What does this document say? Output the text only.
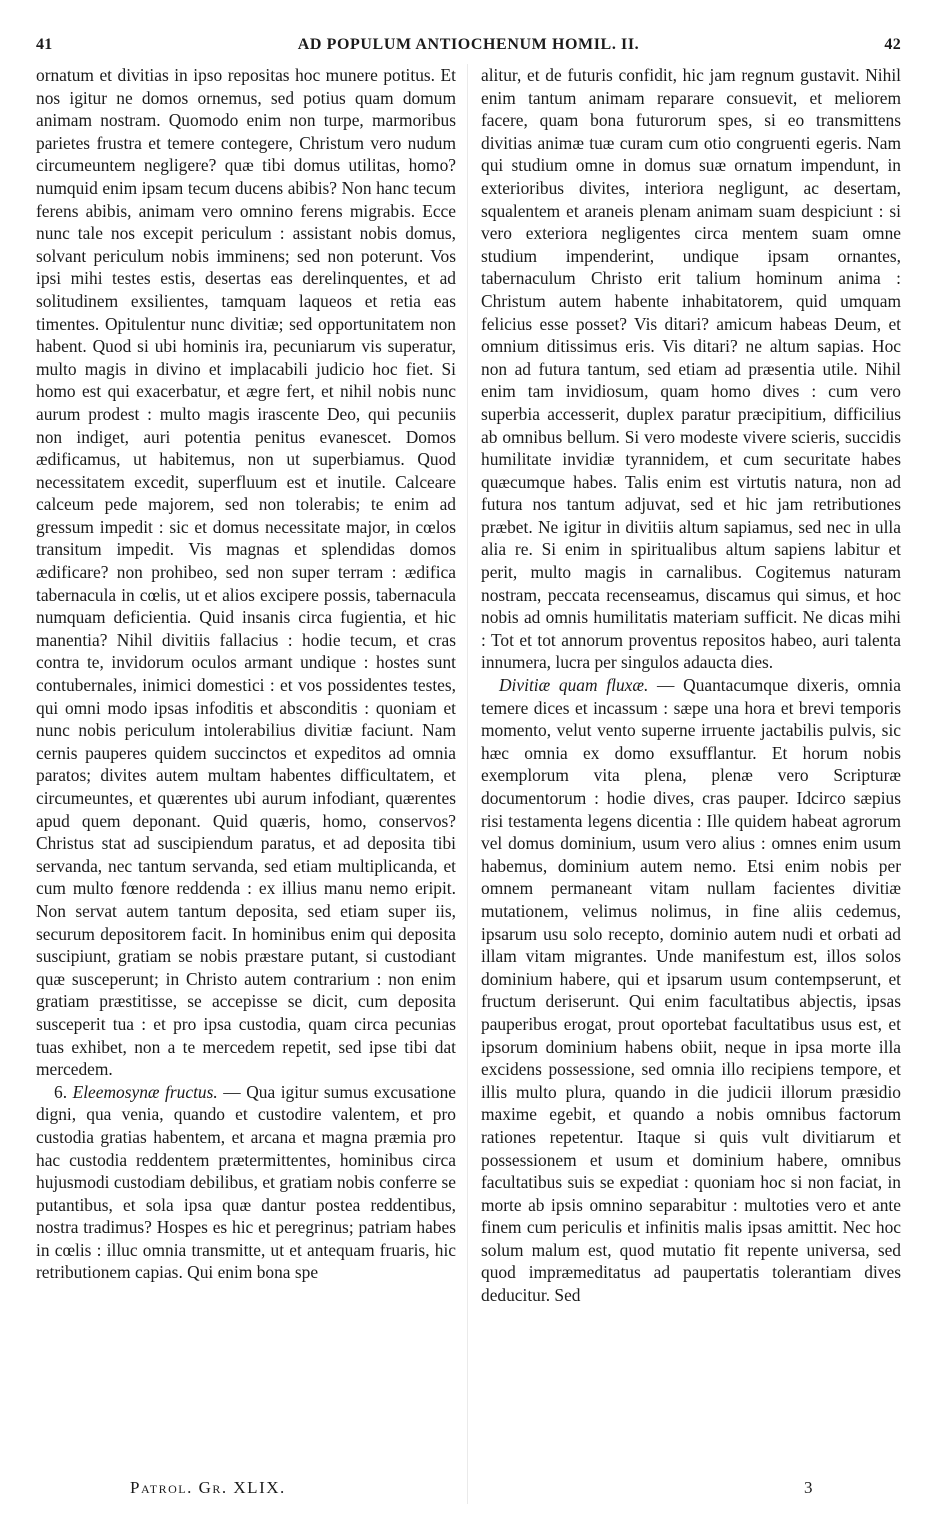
41	AD POPULUM ANTIOCHENUM HOMIL. II.	42

ornatum et divitias in ipso repositas hoc munere potitus. Et nos igitur ne domos ornemus, sed potius quam domum animam nostram. Quomodo enim non turpe, marmoribus parietes frustra et temere contegere, Christum vero nudum circumeuntem negligere? quæ tibi domus utilitas, homo? numquid enim ipsam tecum ducens abibis? Non hanc tecum ferens abibis, animam vero omnino ferens migrabis. Ecce nunc tale nos excepit periculum : assistant nobis domus, solvant periculum nobis imminens; sed non poterunt. Vos ipsi mihi testes estis, desertas eas derelinquentes, et ad solitudinem exsilientes, tamquam laqueos et retia eas timentes. Opitulentur nunc divitiæ; sed opportunitatem non habent. Quod si ubi hominis ira, pecuniarum vis superatur, multo magis in divino et implacabili judicio hoc fiet. Si homo est qui exacerbatur, et ægre fert, et nihil nobis nunc aurum prodest : multo magis irascente Deo, qui pecuniis non indiget, auri potentia penitus evanescet. Domos ædificamus, ut habitemus, non ut superbiamus. Quod necessitatem excedit, superfluum est et inutile. Calceare calceum pede majorem, sed non tolerabis; te enim ad gressum impedit : sic et domus necessitate major, in cœlos transitum impedit. Vis magnas et splendidas domos ædificare? non prohibeo, sed non super terram : ædifica tabernacula in cœlis, ut et alios excipere possis, tabernacula numquam deficientia. Quid insanis circa fugientia, et hic manentia? Nihil divitiis fallacius : hodie tecum, et cras contra te, invidorum oculos armant undique : hostes sunt contubernales, inimici domestici : et vos possidentes testes, qui omni modo ipsas infoditis et absconditis : quoniam et nunc nobis periculum intolerabilius divitiæ faciunt. Nam cernis pauperes quidem succinctos et expeditos ad omnia paratos; divites autem multam habentes difficultatem, et circumeuntes, et quærentes ubi aurum infodiant, quærentes apud quem deponant. Quid quæris, homo, conservos? Christus stat ad suscipiendum paratus, et ad deposita tibi servanda, nec tantum servanda, sed etiam multiplicanda, et cum multo fœnore reddenda : ex illius manu nemo eripit. Non servat autem tantum deposita, sed etiam super iis, securum depositorem facit. In hominibus enim qui deposita suscipiunt, gratiam se nobis præstare putant, si custodiant quæ susceperunt; in Christo autem contrarium : non enim gratiam præstitisse, se accepisse se dicit, cum deposita susceperit tua : et pro ipsa custodia, quam circa pecunias tuas exhibet, non a te mercedem repetit, sed ipse tibi dat mercedem.

6. Eleemosynæ fructus. — Qua igitur sumus excusatione digni, qua venia, quando et custodire valentem, et pro custodia gratias habentem, et arcana et magna præmia pro hac custodia reddentem prætermittentes, hominibus circa hujusmodi custodiam debilibus, et gratiam nobis conferre se putantibus, et sola ipsa quæ dantur postea reddentibus, nostra tradimus? Hospes es hic et peregrinus; patriam habes in cœlis : illuc omnia transmitte, ut et antequam fruaris, hic retributionem capias. Qui enim bona spe

alitur, et de futuris confidit, hic jam regnum gustavit. Nihil enim tantum animam reparare consuevit, et meliorem facere, quam bona futurorum spes, si eo transmittens divitias animæ tuæ curam cum otio congruenti egeris. Nam qui studium omne in domus suæ ornatum impendunt, in exterioribus divites, interiora negligunt, ac desertam, squalentem et araneis plenam animam suam despiciunt : si vero exteriora negligentes circa mentem suam omne studium impenderint, undique ipsam ornantes, tabernaculum Christo erit talium hominum anima : Christum autem habente inhabitatorem, quid umquam felicius esse posset? Vis ditari? amicum habeas Deum, et omnium ditissimus eris. Vis ditari? ne altum sapias. Hoc non ad futura tantum, sed etiam ad præsentia utile. Nihil enim tam invidiosum, quam homo dives : cum vero superbia accesserit, duplex paratur præcipitium, difficilius ab omnibus bellum. Si vero modeste vivere scieris, succidis humilitate invidiæ tyrannidem, et cum securitate habes quæcumque habes. Talis enim est virtutis natura, non ad futura nos tantum adjuvat, sed et hic jam retributiones præbet. Ne igitur in divitiis altum sapiamus, sed nec in ulla alia re. Si enim in spiritualibus altum sapiens labitur et perit, multo magis in carnalibus. Cogitemus naturam nostram, peccata recenseamus, discamus qui simus, et hoc nobis ad omnis humilitatis materiam sufficit. Ne dicas mihi : Tot et tot annorum proventus repositos habeo, auri talenta innumera, lucra per singulos adaucta dies.

Divitiæ quam fluxæ. — Quantacumque dixeris, omnia temere dices et incassum : sæpe una hora et brevi temporis momento, velut vento superne irruente jactabilis pulvis, sic hæc omnia ex domo exsufflantur. Et horum nobis exemplorum vita plena, plenæ vero Scripturæ documentorum : hodie dives, cras pauper. Idcirco sæpius risi testamenta legens dicentia : Ille quidem habeat agrorum vel domus dominium, usum vero alius : omnes enim usum habemus, dominium autem nemo. Etsi enim nobis per omnem permaneant vitam nullam facientes divitiæ mutationem, velimus nolimus, in fine aliis cedemus, ipsarum usu solo recepto, dominio autem nudi et orbati ad illam vitam migrantes. Unde manifestum est, illos solos dominium habere, qui et ipsarum usum contempserunt, et fructum deriserunt. Qui enim facultatibus abjectis, ipsas pauperibus erogat, prout oportebat facultatibus usus est, et ipsorum dominium habens obiit, neque in ipsa morte illa excidens possessione, sed omnia illo recipiens tempore, et illis multo plura, quando in die judicii illorum præsidio maxime egebit, et quando a nobis omnibus factorum rationes repetentur. Itaque si quis vult divitiarum et possessionem et usum et dominium habere, omnibus facultatibus suis se expediat : quoniam hoc si non faciat, in morte ab ipsis omnino separabitur : multoties vero et ante finem cum periculis et infinitis malis ipsas amittit. Nec hoc solum malum est, quod mutatio fit repente universa, sed quod impræmeditatus ad paupertatis tolerantiam dives deducitur. Sed

Patrol. Gr. XLIX.	3
